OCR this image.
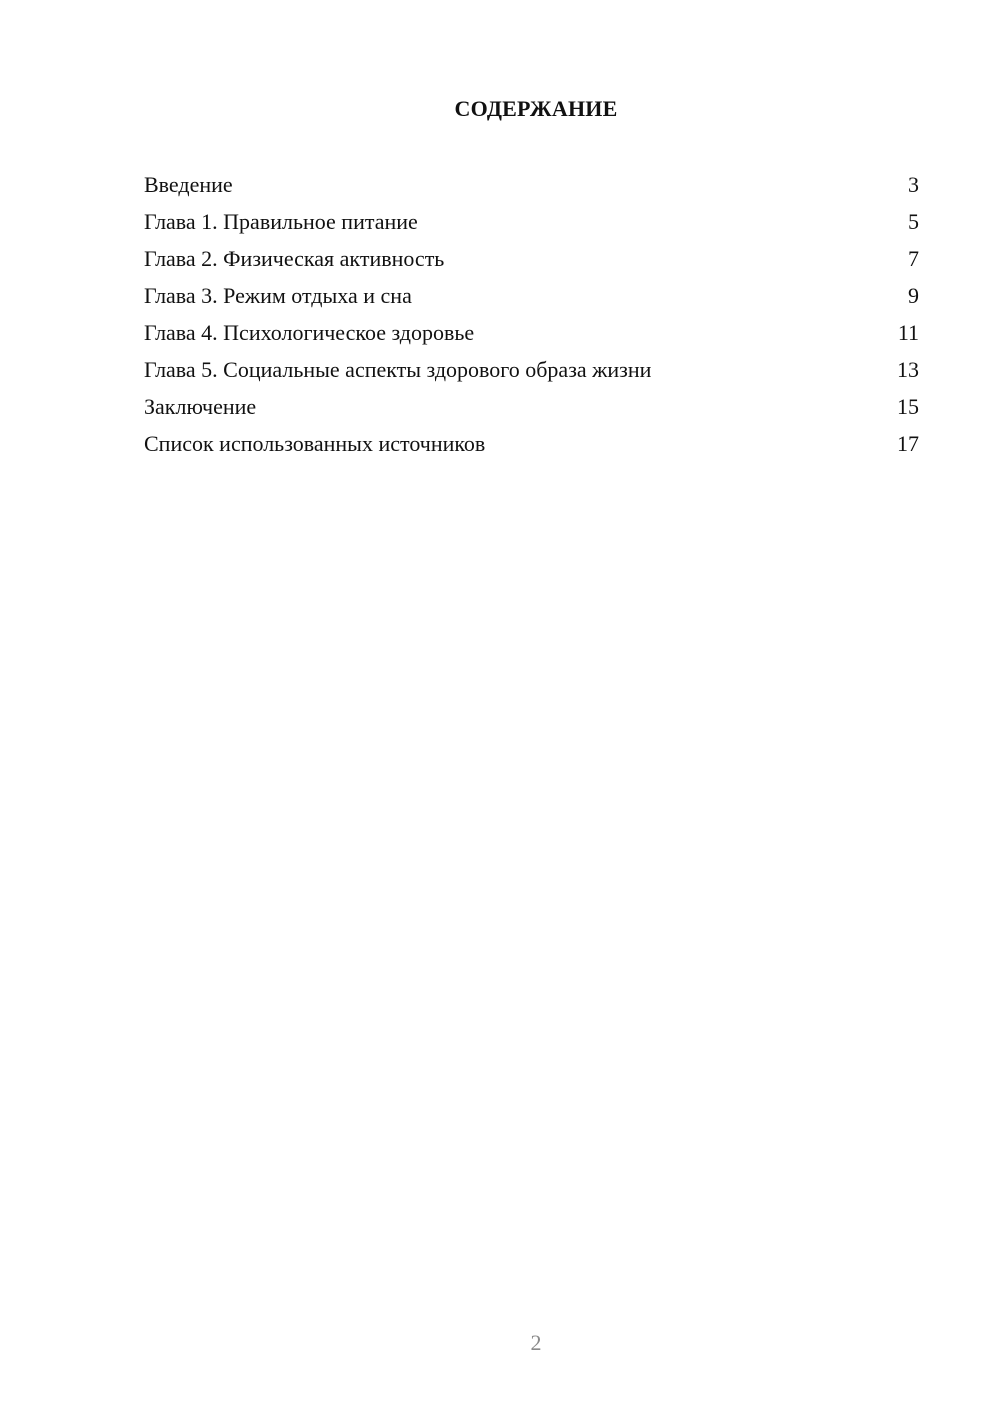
СОДЕРЖАНИЕ
Введение	3
Глава 1. Правильное питание	5
Глава 2. Физическая активность	7
Глава 3. Режим отдыха и сна	9
Глава 4. Психологическое здоровье	11
Глава 5. Социальные аспекты здорового образа жизни	13
Заключение	15
Список использованных источников	17
2
